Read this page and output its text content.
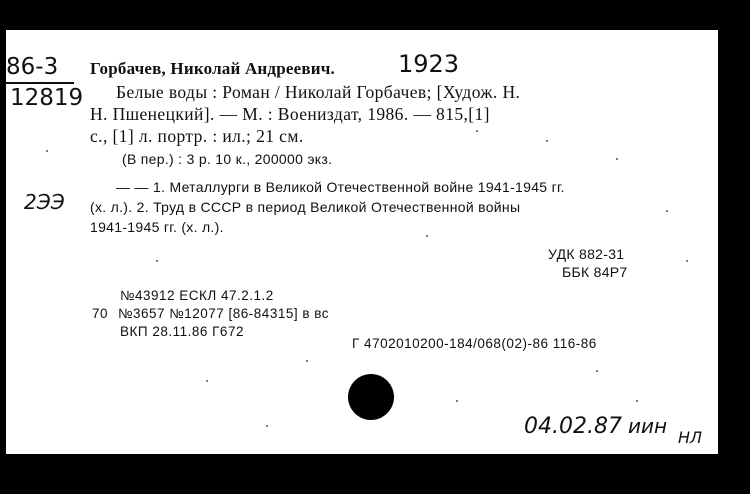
86-3
12819
Горбачев, Николай Андреевич.	1923
Белые воды : Роман / Николай Горбачев; [Худож. Н.
Н. Пшенецкий]. — М. : Воениздат, 1986. — 815,[1]
с., [1] л. портр. : ил.; 21 см.
(В пер.) : 3 р. 10 к., 200000 экз.
2ЭЭ
— — 1. Металлурги в Великой Отечественной войне 1941-1945 гг.
(х. л.). 2. Труд в СССР в период Великой Отечественной войны
1941-1945 гг. (х. л.).
УДК 882-31
ББК 84Р7
№43912 ЕСКЛ 47.2.1.2
70 №3657 №12077 [86-84315] в вс
ВКП 28.11.86 Г672
Г 4702010200-184/068(02)-86 116-86
04.02.87 иин НЛ
